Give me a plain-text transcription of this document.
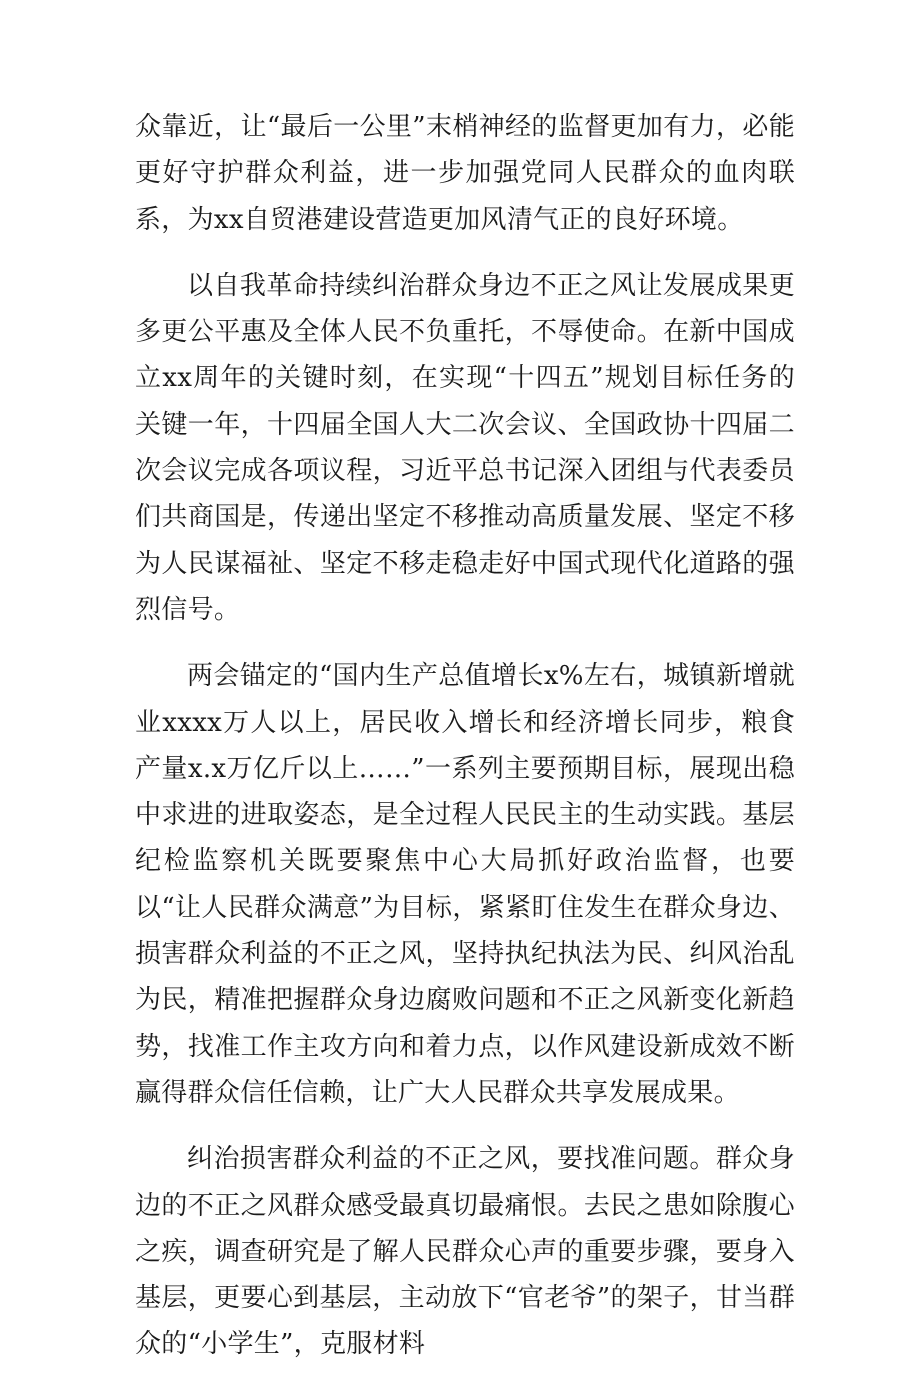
众靠近，让“最后一公里”末梢神经的监督更加有力，必能更好守护群众利益，进一步加强党同人民群众的血肉联系，为xx自贸港建设营造更加风清气正的良好环境。

以自我革命持续纠治群众身边不正之风让发展成果更多更公平惠及全体人民不负重托，不辱使命。在新中国成立xx周年的关键时刻，在实现“十四五”规划目标任务的关键一年，十四届全国人大二次会议、全国政协十四届二次会议完成各项议程，习近平总书记深入团组与代表委员们共商国是，传递出坚定不移推动高质量发展、坚定不移为人民谋福祉、坚定不移走稳走好中国式现代化道路的强烈信号。

两会锚定的“国内生产总值增长x%左右，城镇新增就业xxxx万人以上，居民收入增长和经济增长同步，粮食产量x.x万亿斤以上……”一系列主要预期目标，展现出稳中求进的进取姿态，是全过程人民民主的生动实践。基层纪检监察机关既要聚焦中心大局抓好政治监督，也要以“让人民群众满意”为目标，紧紧盯住发生在群众身边、损害群众利益的不正之风，坚持执纪执法为民、纠风治乱为民，精准把握群众身边腐败问题和不正之风新变化新趋势，找准工作主攻方向和着力点，以作风建设新成效不断赢得群众信任信赖，让广大人民群众共享发展成果。

纠治损害群众利益的不正之风，要找准问题。群众身边的不正之风群众感受最真切最痛恨。去民之患如除腹心之疾，调查研究是了解人民群众心声的重要步骤，要身入基层，更要心到基层，主动放下“官老爷”的架子，甘当群众的“小学生”，克服材料
